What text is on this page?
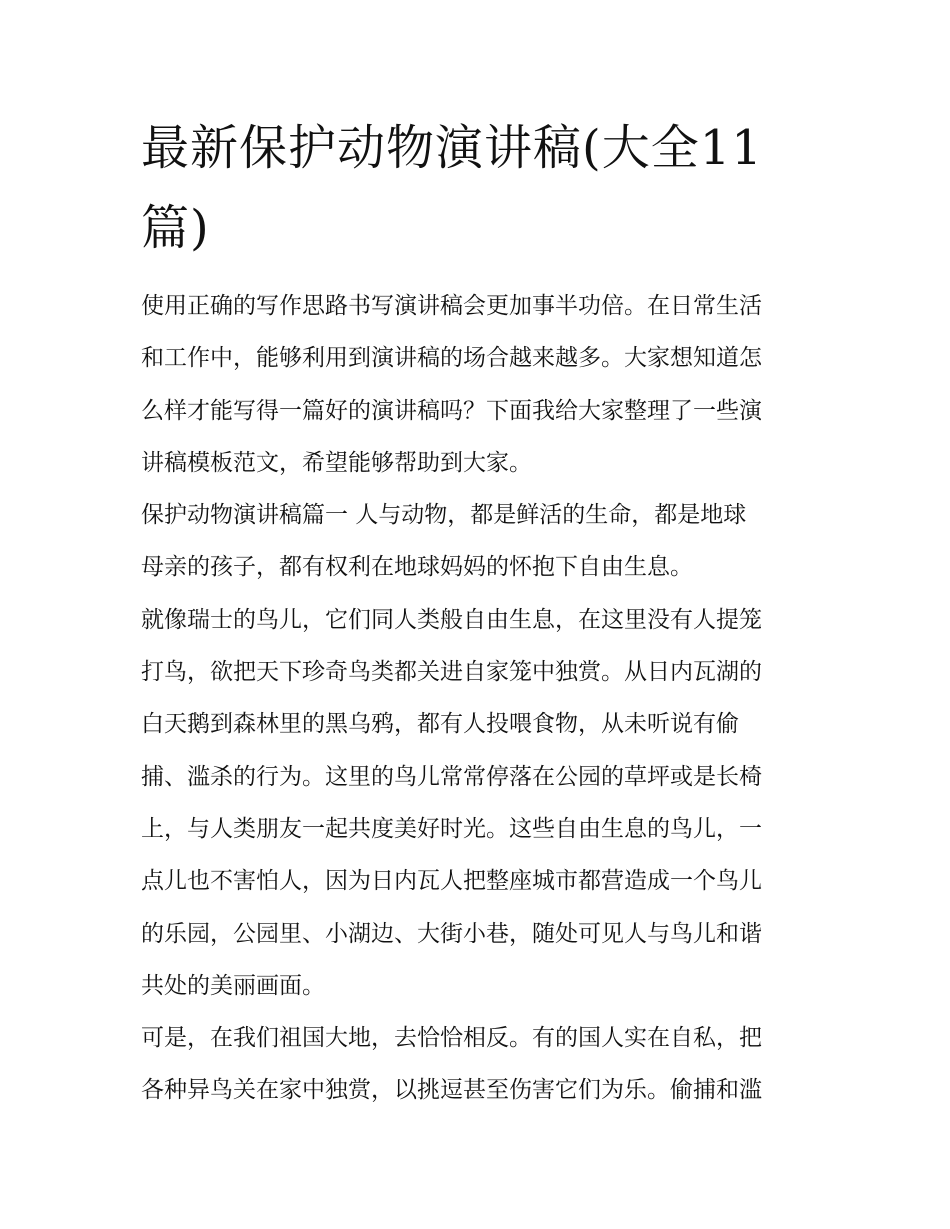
最新保护动物演讲稿(大全11
篇)
使用正确的写作思路书写演讲稿会更加事半功倍。在日常生活
和工作中，能够利用到演讲稿的场合越来越多。大家想知道怎
么样才能写得一篇好的演讲稿吗？下面我给大家整理了一些演
讲稿模板范文，希望能够帮助到大家。
保护动物演讲稿篇一 人与动物，都是鲜活的生命，都是地球
母亲的孩子，都有权利在地球妈妈的怀抱下自由生息。
就像瑞士的鸟儿，它们同人类般自由生息，在这里没有人提笼
打鸟，欲把天下珍奇鸟类都关进自家笼中独赏。从日内瓦湖的
白天鹅到森林里的黑乌鸦，都有人投喂食物，从未听说有偷
捕、滥杀的行为。这里的鸟儿常常停落在公园的草坪或是长椅
上，与人类朋友一起共度美好时光。这些自由生息的鸟儿，一
点儿也不害怕人，因为日内瓦人把整座城市都营造成一个鸟儿
的乐园，公园里、小湖边、大街小巷，随处可见人与鸟儿和谐
共处的美丽画面。
可是，在我们祖国大地，去恰恰相反。有的国人实在自私，把
各种异鸟关在家中独赏，以挑逗甚至伤害它们为乐。偷捕和滥
